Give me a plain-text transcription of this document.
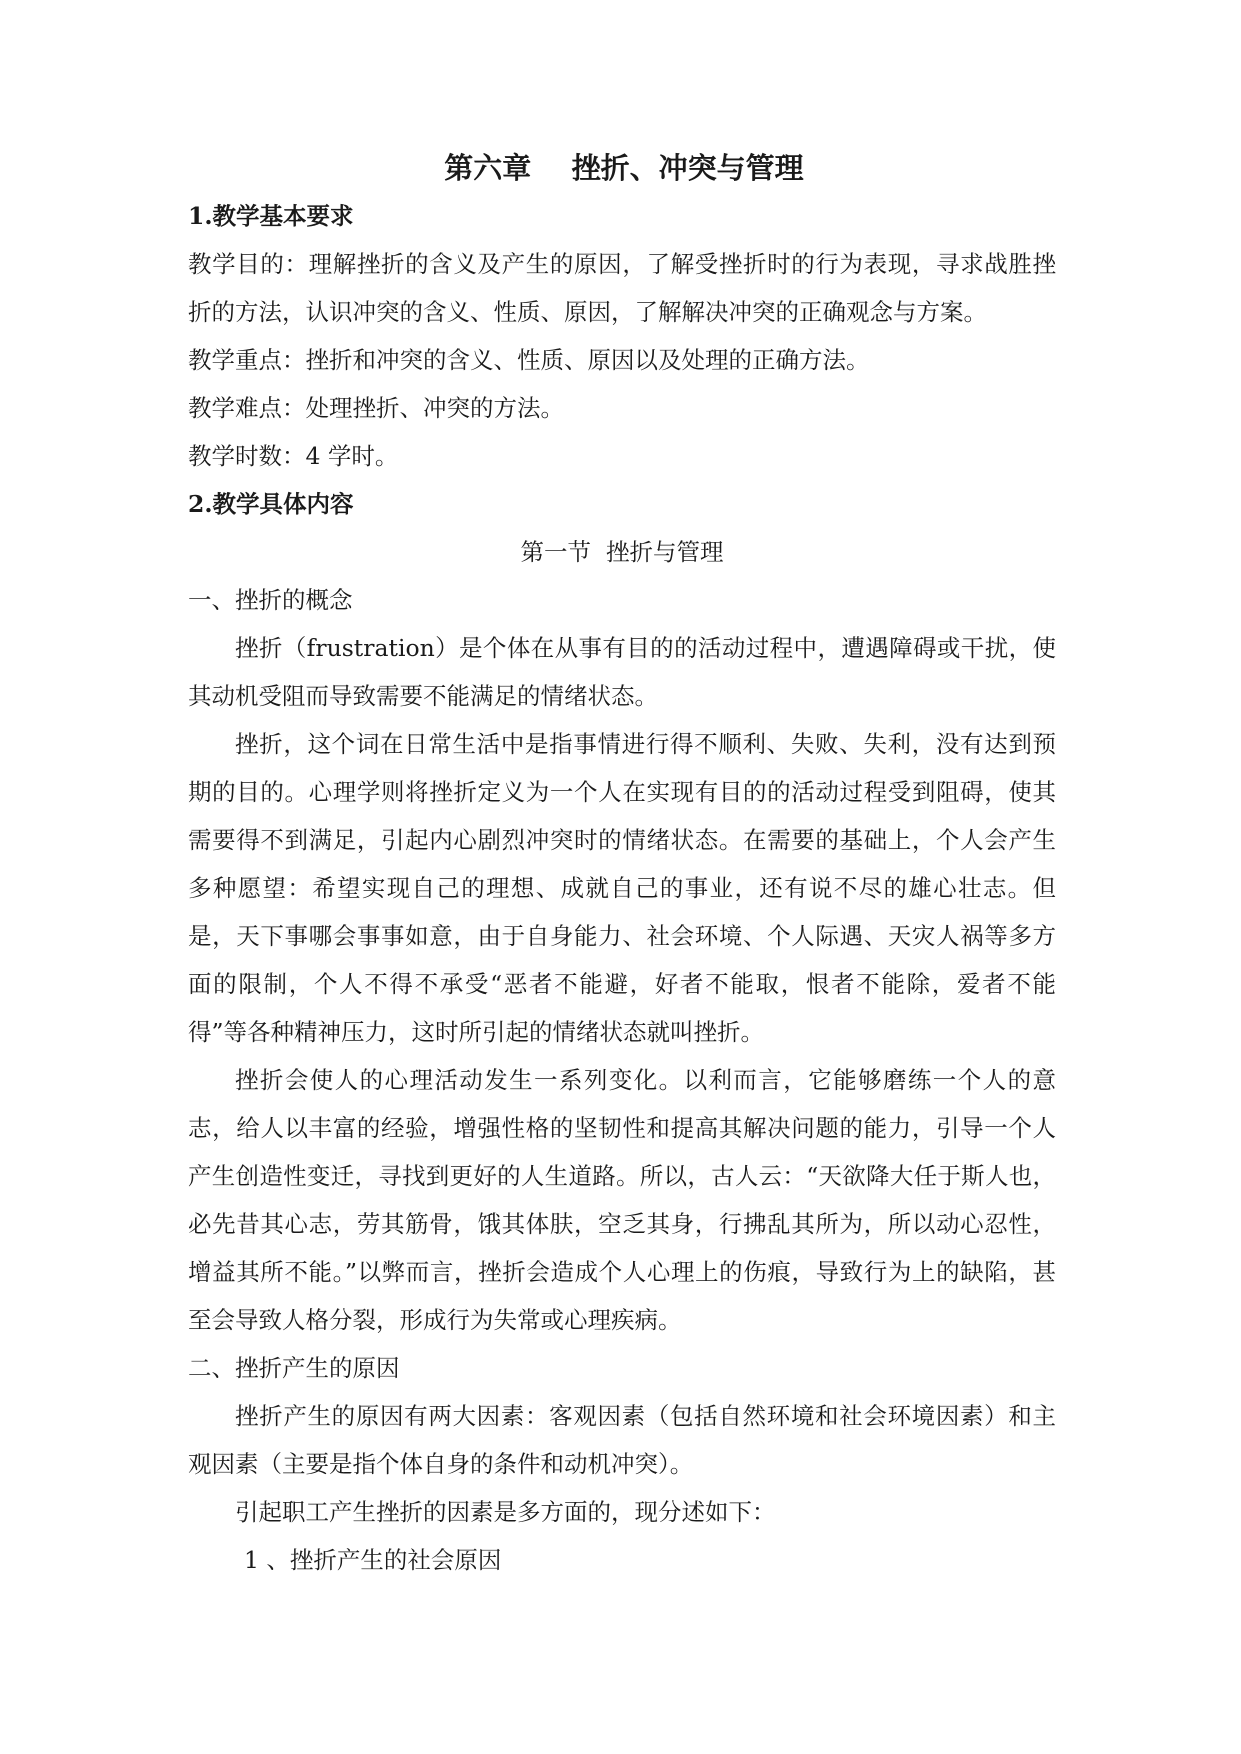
第六章    挫折、冲突与管理
1.教学基本要求
教学目的：理解挫折的含义及产生的原因，了解受挫折时的行为表现，寻求战胜挫折的方法，认识冲突的含义、性质、原因，了解解决冲突的正确观念与方案。
教学重点：挫折和冲突的含义、性质、原因以及处理的正确方法。
教学难点：处理挫折、冲突的方法。
教学时数：4 学时。
2.教学具体内容
第一节  挫折与管理
一、挫折的概念
挫折（frustration）是个体在从事有目的的活动过程中，遭遇障碍或干扰，使其动机受阻而导致需要不能满足的情绪状态。
挫折，这个词在日常生活中是指事情进行得不顺利、失败、失利，没有达到预期的目的。心理学则将挫折定义为一个人在实现有目的的活动过程受到阻碍，使其需要得不到满足，引起内心剧烈冲突时的情绪状态。在需要的基础上，个人会产生多种愿望：希望实现自己的理想、成就自己的事业，还有说不尽的雄心壮志。但是，天下事哪会事事如意，由于自身能力、社会环境、个人际遇、天灾人祸等多方面的限制，个人不得不承受“恶者不能避，好者不能取，恨者不能除，爱者不能得”等各种精神压力，这时所引起的情绪状态就叫挫折。
挫折会使人的心理活动发生一系列变化。以利而言，它能够磨练一个人的意志，给人以丰富的经验，增强性格的坚韧性和提高其解决问题的能力，引导一个人产生创造性变迁，寻找到更好的人生道路。所以，古人云：“天欲降大任于斯人也，必先昔其心志，劳其筋骨，饿其体肤，空乏其身，行拂乱其所为，所以动心忍性，增益其所不能。”以弊而言，挫折会造成个人心理上的伤痕，导致行为上的缺陷，甚至会导致人格分裂，形成行为失常或心理疾病。
二、挫折产生的原因
挫折产生的原因有两大因素：客观因素（包括自然环境和社会环境因素）和主观因素（主要是指个体自身的条件和动机冲突）。
引起职工产生挫折的因素是多方面的，现分述如下：
1 、挫折产生的社会原因
